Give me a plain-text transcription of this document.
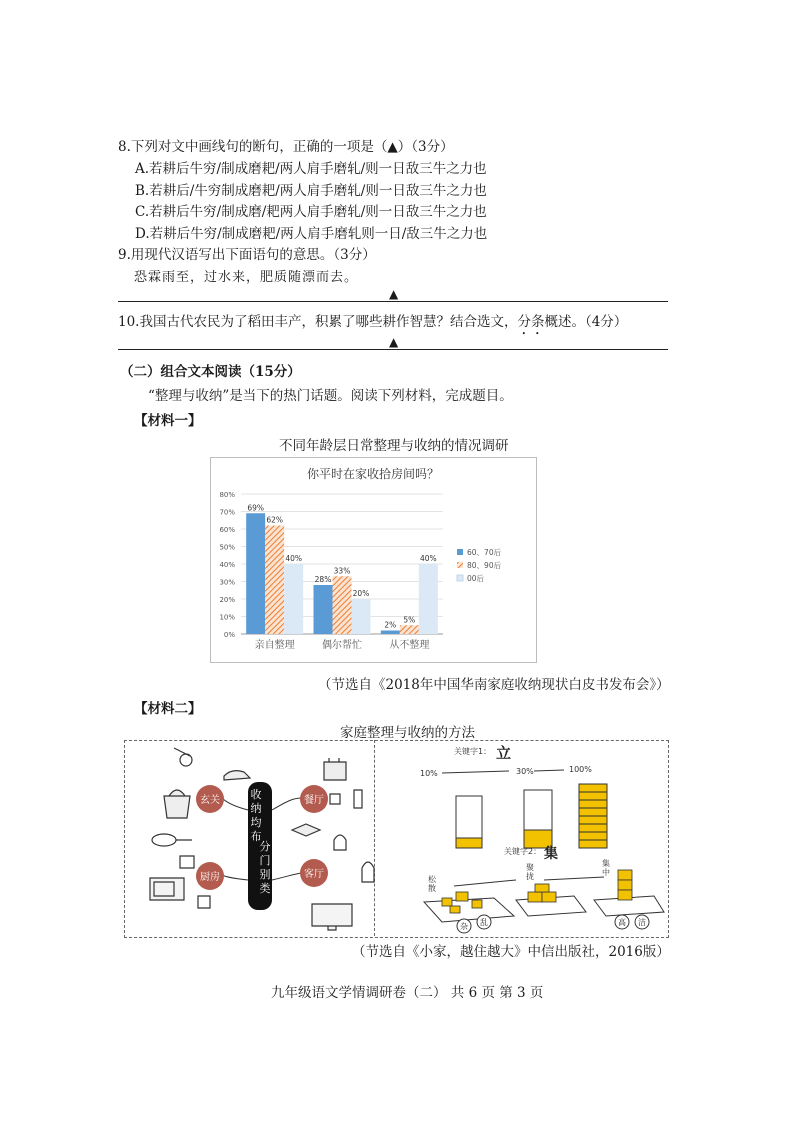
8.下列对文中画线句的断句，正确的一项是（▲）（3分）
A.若耕后牛穷/制成磨耙/两人肩手磨轧/则一日敌三牛之力也
B.若耕后/牛穷制成磨耙/两人肩手磨轧/则一日敌三牛之力也
C.若耕后牛穷/制成磨/耙两人肩手磨轧/则一日敌三牛之力也
D.若耕后牛穷/制成磨耙/两人肩手磨轧则一日/敌三牛之力也
9.用现代汉语写出下面语句的意思。（3分）
恐霖雨至，过水来，肥质随漂而去。
▲
10.我国古代农民为了稻田丰产，积累了哪些耕作智慧？结合选文，分条概述。（4分）
▲
（二）组合文本阅读（15分）
“整理与收纳”是当下的热门话题。阅读下列材料，完成题目。
【材料一】
不同年龄层日常整理与收纳的情况调研
你平时在家收拾房间吗？
0%
10%
20%
30%
40%
50%
60%
70%
80%
69%
62%
40%
亲自整理
28%
33%
20%
偶尔帮忙
2%
5%
40%
从不整理
60、70后
80、90后
00后
（节选自《2018年中国华南家庭收纳现状白皮书发布会》）
【材料二】
家庭整理与收纳的方法
收
纳
均
布
分
门
别
类
玄关	餐厅
厨房	客厅
关键字1： 立
10%	30%	100%
关键字2： 集
松
散
聚
拢
集
中
杂 乱	高 洁
（节选自《小家，越住越大》中信出版社，2016版）
九年级语文学情调研卷（二） 共 6 页 第 3 页
